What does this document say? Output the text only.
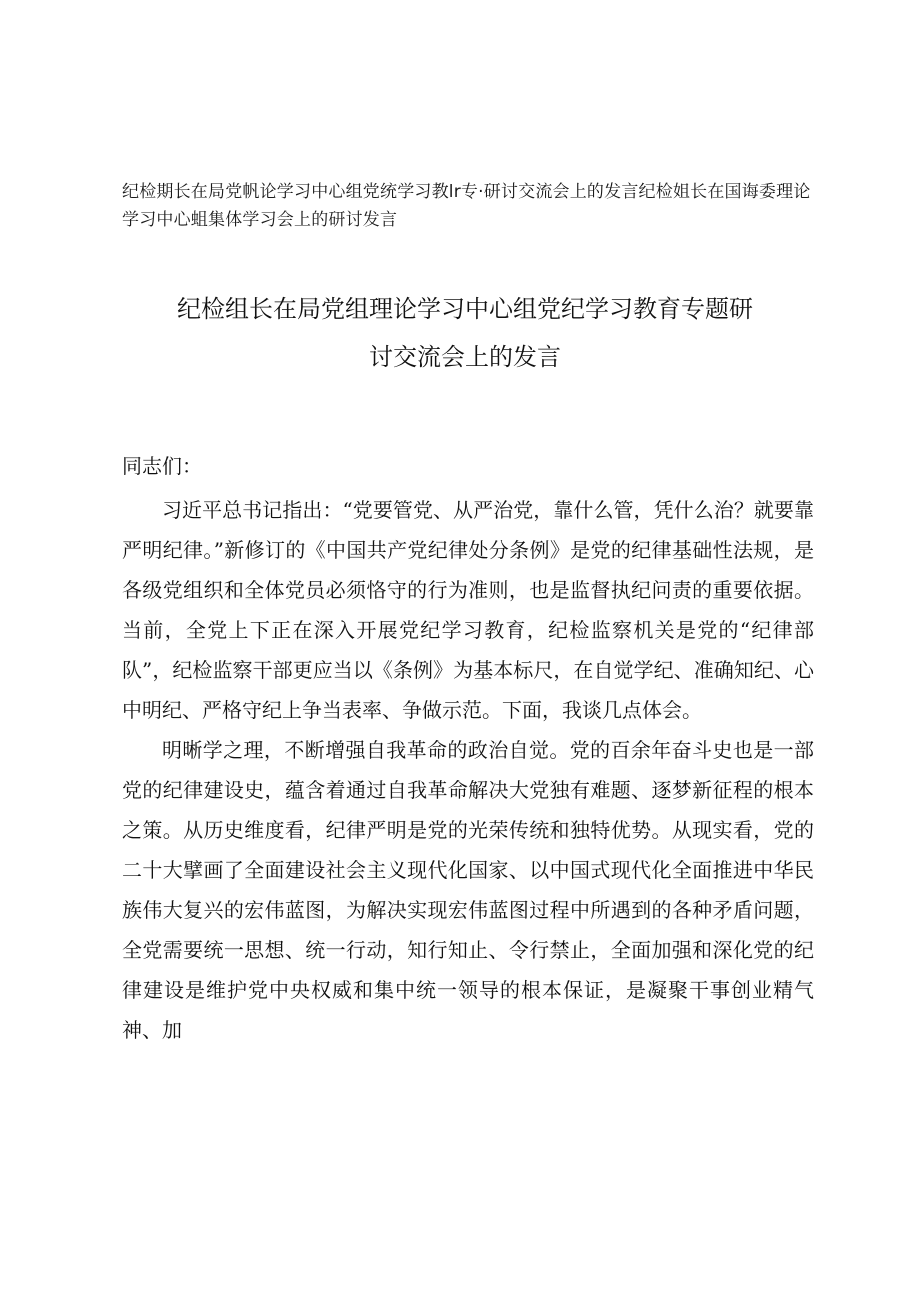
纪检期长在局党帆论学习中心组党统学习教lr专·研讨交流会上的发言纪检姐长在国诲委理论学习中心蛆集体学习会上的研讨发言
纪检组长在局党组理论学习中心组党纪学习教育专题研
讨交流会上的发言
同志们：

习近平总书记指出：“党要管党、从严治党，靠什么管，凭什么治？就要靠严明纪律。”新修订的《中国共产党纪律处分条例》是党的纪律基础性法规，是各级党组织和全体党员必须恪守的行为准则，也是监督执纪问责的重要依据。当前，全党上下正在深入开展党纪学习教育，纪检监察机关是党的“纪律部队”，纪检监察干部更应当以《条例》为基本标尺，在自觉学纪、准确知纪、心中明纪、严格守纪上争当表率、争做示范。下面，我谈几点体会。

明晰学之理，不断增强自我革命的政治自觉。党的百余年奋斗史也是一部党的纪律建设史，蕴含着通过自我革命解决大党独有难题、逐梦新征程的根本之策。从历史维度看，纪律严明是党的光荣传统和独特优势。从现实看，党的二十大擘画了全面建设社会主义现代化国家、以中国式现代化全面推进中华民族伟大复兴的宏伟蓝图，为解决实现宏伟蓝图过程中所遇到的各种矛盾问题，全党需要统一思想、统一行动，知行知止、令行禁止，全面加强和深化党的纪律建设是维护党中央权威和集中统一领导的根本保证，是凝聚干事创业精气神、加
